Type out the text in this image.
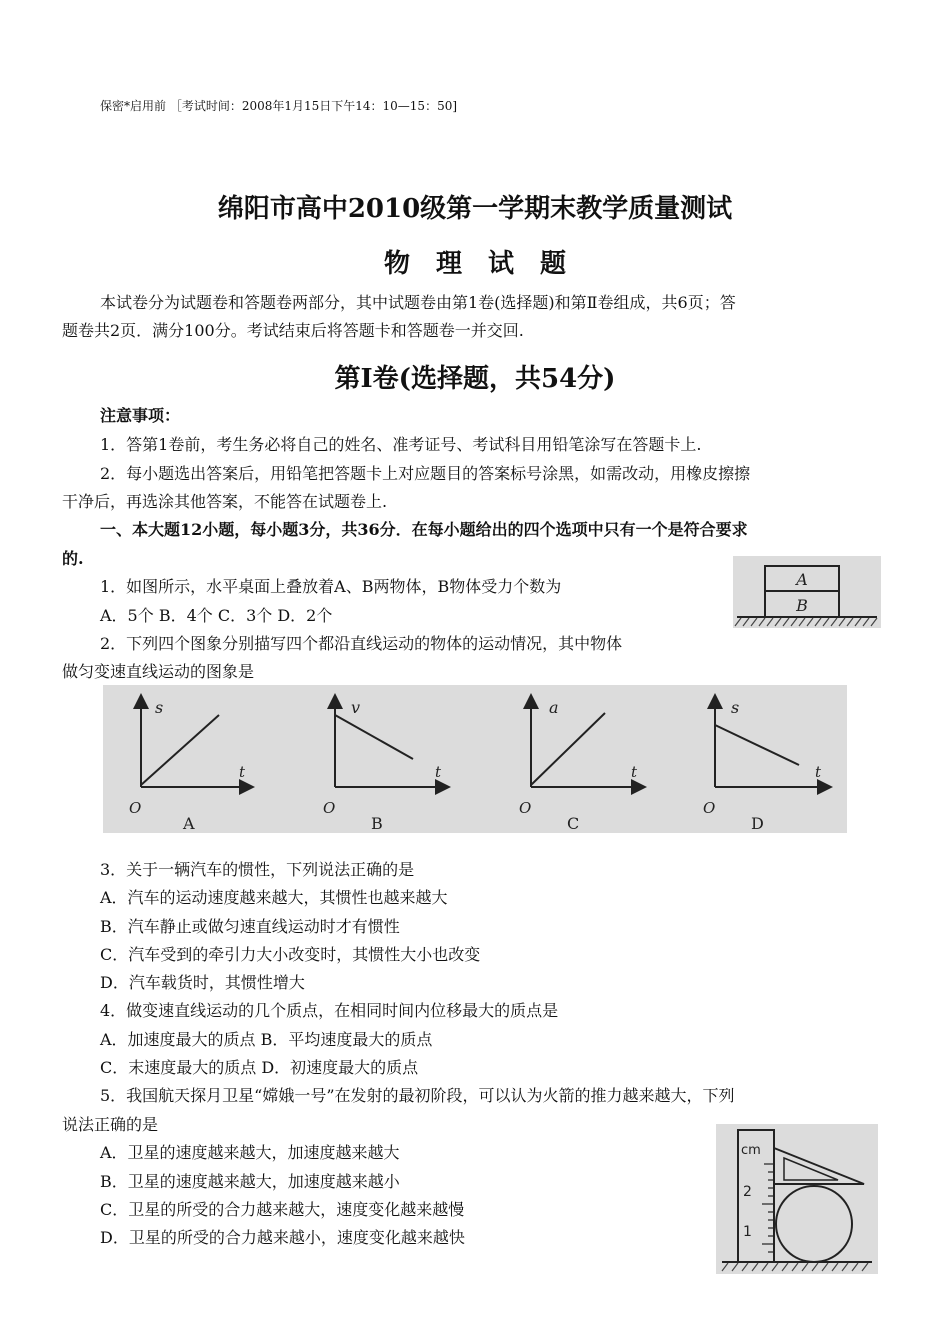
保密*启用前 ［考试时间：2008年1月15日下午14：10—15：50]
绵阳市高中2010级第一学期末教学质量测试
物理试题
本试卷分为试题卷和答题卷两部分，其中试题卷由第1卷(选择题)和第Ⅱ卷组成，共6页；答
题卷共2页．满分100分。考试结束后将答题卡和答题卷一并交回.
第Ⅰ卷(选择题，共54分)
注意事项：
1．答第1卷前，考生务必将自己的姓名、准考证号、考试科目用铅笔涂写在答题卡上.
2．每小题选出答案后，用铅笔把答题卡上对应题目的答案标号涂黑，如需改动，用橡皮擦擦
干净后，再选涂其他答案，不能答在试题卷上.
一、本大题12小题，每小题3分，共36分．在每小题给出的四个选项中只有一个是符合要求
的.
1．如图所示，水平桌面上叠放着A、B两物体，B物体受力个数为
A．5个 B．4个 C．3个 D．2个
A
B
2．下列四个图象分别描写四个都沿直线运动的物体的运动情况，其中物体
做匀变速直线运动的图象是
s
t
O
A
v
t
O
B
a
t
O
C
s
t
O
D
3．关于一辆汽车的惯性，下列说法正确的是
A．汽车的运动速度越来越大，其惯性也越来越大
B．汽车静止或做匀速直线运动时才有惯性
C．汽车受到的牵引力大小改变时，其惯性大小也改变
D．汽车载货时，其惯性增大
4．做变速直线运动的几个质点，在相同时间内位移最大的质点是
A．加速度最大的质点 B．平均速度最大的质点
C．末速度最大的质点 D．初速度最大的质点
5．我国航天探月卫星“嫦娥一号”在发射的最初阶段，可以认为火箭的推力越来越大，下列
说法正确的是
A．卫星的速度越来越大，加速度越来越大
B．卫星的速度越来越大，加速度越来越小
C．卫星的所受的合力越来越大，速度变化越来越慢
D．卫星的所受的合力越来越小，速度变化越来越快
cm
2
1
